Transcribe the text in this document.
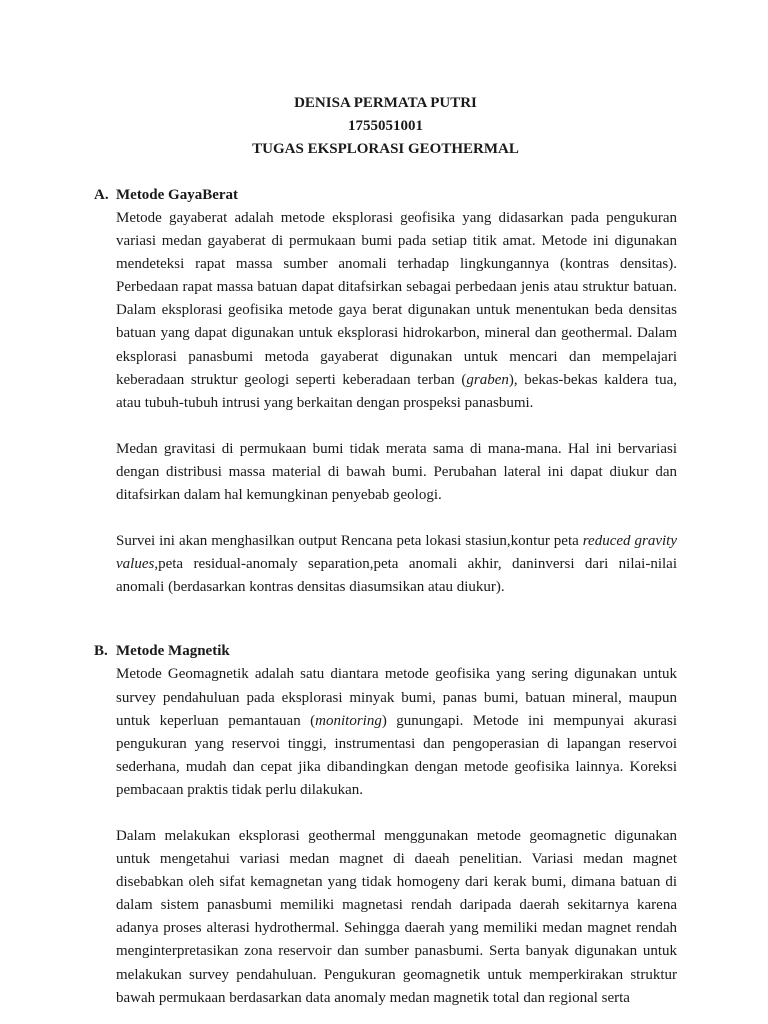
DENISA PERMATA PUTRI
1755051001
TUGAS EKSPLORASI GEOTHERMAL
A. Metode GayaBerat

Metode gayaberat adalah metode eksplorasi geofisika yang didasarkan pada pengukuran variasi medan gayaberat di permukaan bumi pada setiap titik amat. Metode ini digunakan mendeteksi rapat massa sumber anomali terhadap lingkungannya (kontras densitas). Perbedaan rapat massa batuan dapat ditafsirkan sebagai perbedaan jenis atau struktur batuan. Dalam eksplorasi geofisika metode gaya berat digunakan untuk menentukan beda densitas batuan yang dapat digunakan untuk eksplorasi hidrokarbon, mineral dan geothermal. Dalam eksplorasi panasbumi metoda gayaberat digunakan untuk mencari dan mempelajari keberadaan struktur geologi seperti keberadaan terban (graben), bekas-bekas kaldera tua, atau tubuh-tubuh intrusi yang berkaitan dengan prospeksi panasbumi.

Medan gravitasi di permukaan bumi tidak merata sama di mana-mana. Hal ini bervariasi dengan distribusi massa material di bawah bumi. Perubahan lateral ini dapat diukur dan ditafsirkan dalam hal kemungkinan penyebab geologi.

Survei ini akan menghasilkan output Rencana peta lokasi stasiun,kontur peta reduced gravity values,peta residual-anomaly separation,peta anomali akhir, daninversi dari nilai-nilai anomali (berdasarkan kontras densitas diasumsikan atau diukur).

B. Metode Magnetik

Metode Geomagnetik adalah satu diantara metode geofisika yang sering digunakan untuk survey pendahuluan pada eksplorasi minyak bumi, panas bumi, batuan mineral, maupun untuk keperluan pemantauan (monitoring) gunungapi. Metode ini mempunyai akurasi pengukuran yang reservoi tinggi, instrumentasi dan pengoperasian di lapangan reservoi sederhana, mudah dan cepat jika dibandingkan dengan metode geofisika lainnya. Koreksi pembacaan praktis tidak perlu dilakukan.

Dalam melakukan eksplorasi geothermal menggunakan metode geomagnetic digunakan untuk mengetahui variasi medan magnet di daeah penelitian. Variasi medan magnet disebabkan oleh sifat kemagnetan yang tidak homogeny dari kerak bumi, dimana batuan di dalam sistem panasbumi memiliki magnetasi rendah daripada daerah sekitarnya karena adanya proses alterasi hydrothermal. Sehingga daerah yang memiliki medan magnet rendah menginterpretasikan zona reservoir dan sumber panasbumi. Serta banyak digunakan untuk melakukan survey pendahuluan. Pengukuran geomagnetik untuk memperkirakan struktur bawah permukaan berdasarkan data anomaly medan magnetik total dan regional serta
